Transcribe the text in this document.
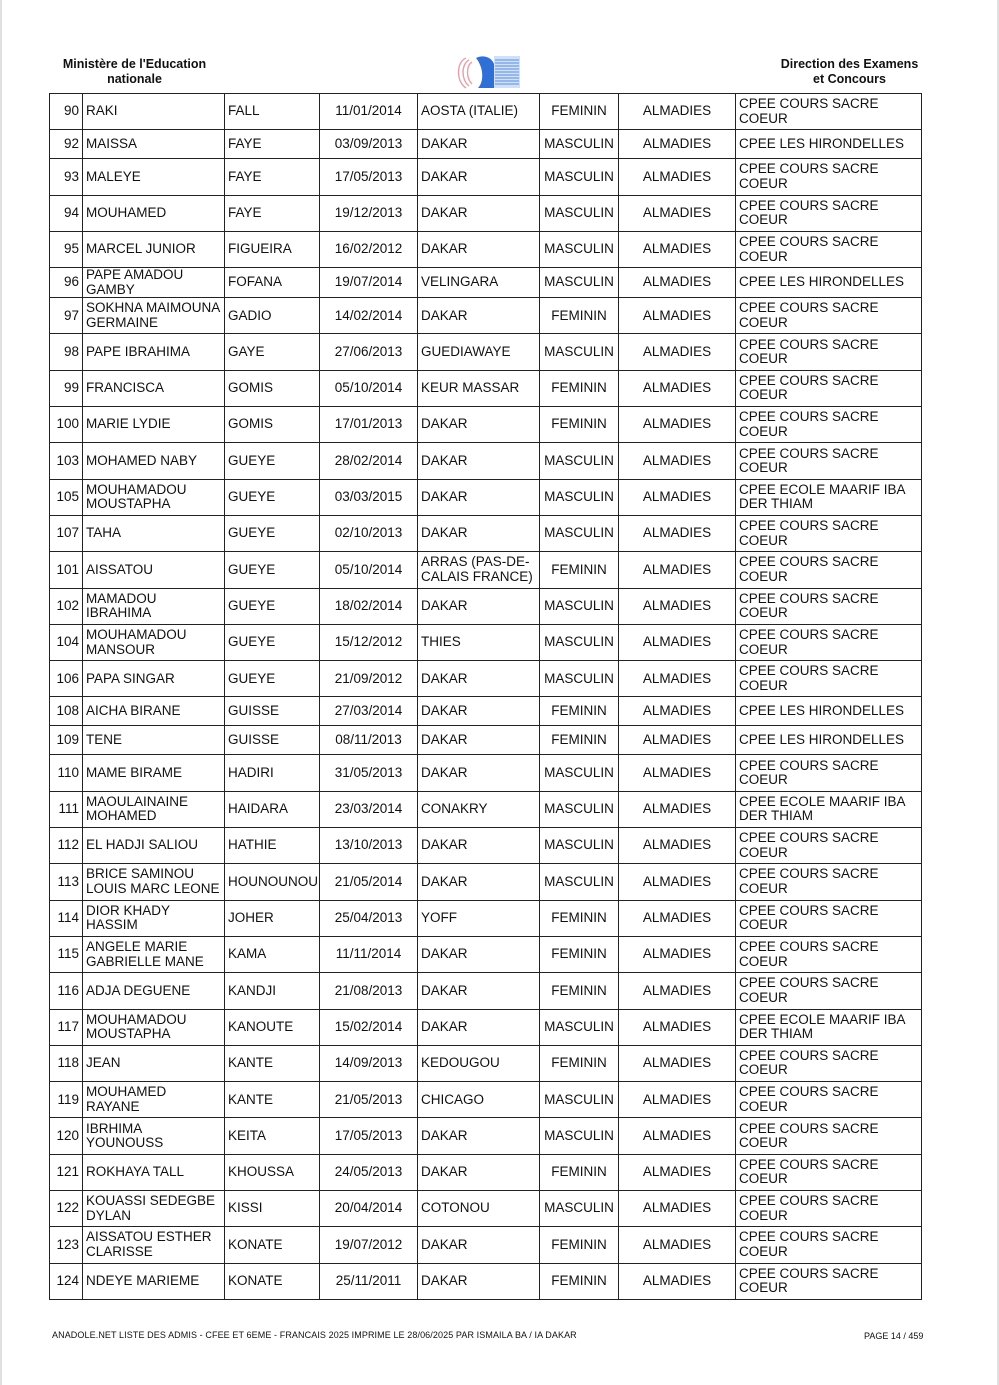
Ministère de l'Education
nationale
Direction des Examens
et Concours
90	RAKI	FALL	11/01/2014	AOSTA (ITALIE)	FEMININ	ALMADIES	CPEE COURS SACRE COEUR
92	MAISSA	FAYE	03/09/2013	DAKAR	MASCULIN	ALMADIES	CPEE LES HIRONDELLES
93	MALEYE	FAYE	17/05/2013	DAKAR	MASCULIN	ALMADIES	CPEE COURS SACRE COEUR
94	MOUHAMED	FAYE	19/12/2013	DAKAR	MASCULIN	ALMADIES	CPEE COURS SACRE COEUR
95	MARCEL JUNIOR	FIGUEIRA	16/02/2012	DAKAR	MASCULIN	ALMADIES	CPEE COURS SACRE COEUR
96	PAPE AMADOU GAMBY	FOFANA	19/07/2014	VELINGARA	MASCULIN	ALMADIES	CPEE LES HIRONDELLES
97	SOKHNA MAIMOUNA GERMAINE	GADIO	14/02/2014	DAKAR	FEMININ	ALMADIES	CPEE COURS SACRE COEUR
98	PAPE IBRAHIMA	GAYE	27/06/2013	GUEDIAWAYE	MASCULIN	ALMADIES	CPEE COURS SACRE COEUR
99	FRANCISCA	GOMIS	05/10/2014	KEUR MASSAR	FEMININ	ALMADIES	CPEE COURS SACRE COEUR
100	MARIE LYDIE	GOMIS	17/01/2013	DAKAR	FEMININ	ALMADIES	CPEE COURS SACRE COEUR
103	MOHAMED NABY	GUEYE	28/02/2014	DAKAR	MASCULIN	ALMADIES	CPEE COURS SACRE COEUR
105	MOUHAMADOU MOUSTAPHA	GUEYE	03/03/2015	DAKAR	MASCULIN	ALMADIES	CPEE ECOLE MAARIF IBA DER THIAM
107	TAHA	GUEYE	02/10/2013	DAKAR	MASCULIN	ALMADIES	CPEE COURS SACRE COEUR
101	AISSATOU	GUEYE	05/10/2014	ARRAS (PAS-DE-CALAIS FRANCE)	FEMININ	ALMADIES	CPEE COURS SACRE COEUR
102	MAMADOU IBRAHIMA	GUEYE	18/02/2014	DAKAR	MASCULIN	ALMADIES	CPEE COURS SACRE COEUR
104	MOUHAMADOU MANSOUR	GUEYE	15/12/2012	THIES	MASCULIN	ALMADIES	CPEE COURS SACRE COEUR
106	PAPA SINGAR	GUEYE	21/09/2012	DAKAR	MASCULIN	ALMADIES	CPEE COURS SACRE COEUR
108	AICHA BIRANE	GUISSE	27/03/2014	DAKAR	FEMININ	ALMADIES	CPEE LES HIRONDELLES
109	TENE	GUISSE	08/11/2013	DAKAR	FEMININ	ALMADIES	CPEE LES HIRONDELLES
110	MAME BIRAME	HADIRI	31/05/2013	DAKAR	MASCULIN	ALMADIES	CPEE COURS SACRE COEUR
111	MAOULAINAINE MOHAMED	HAIDARA	23/03/2014	CONAKRY	MASCULIN	ALMADIES	CPEE ECOLE MAARIF IBA DER THIAM
112	EL HADJI SALIOU	HATHIE	13/10/2013	DAKAR	MASCULIN	ALMADIES	CPEE COURS SACRE COEUR
113	BRICE SAMINOU LOUIS MARC LEONE	HOUNOUNOU	21/05/2014	DAKAR	MASCULIN	ALMADIES	CPEE COURS SACRE COEUR
114	DIOR KHADY HASSIM	JOHER	25/04/2013	YOFF	FEMININ	ALMADIES	CPEE COURS SACRE COEUR
115	ANGELE MARIE GABRIELLE MANE	KAMA	11/11/2014	DAKAR	FEMININ	ALMADIES	CPEE COURS SACRE COEUR
116	ADJA DEGUENE	KANDJI	21/08/2013	DAKAR	FEMININ	ALMADIES	CPEE COURS SACRE COEUR
117	MOUHAMADOU MOUSTAPHA	KANOUTE	15/02/2014	DAKAR	MASCULIN	ALMADIES	CPEE ECOLE MAARIF IBA DER THIAM
118	JEAN	KANTE	14/09/2013	KEDOUGOU	FEMININ	ALMADIES	CPEE COURS SACRE COEUR
119	MOUHAMED RAYANE	KANTE	21/05/2013	CHICAGO	MASCULIN	ALMADIES	CPEE COURS SACRE COEUR
120	IBRHIMA YOUNOUSS	KEITA	17/05/2013	DAKAR	MASCULIN	ALMADIES	CPEE COURS SACRE COEUR
121	ROKHAYA TALL	KHOUSSA	24/05/2013	DAKAR	FEMININ	ALMADIES	CPEE COURS SACRE COEUR
122	KOUASSI SEDEGBE DYLAN	KISSI	20/04/2014	COTONOU	MASCULIN	ALMADIES	CPEE COURS SACRE COEUR
123	AISSATOU ESTHER CLARISSE	KONATE	19/07/2012	DAKAR	FEMININ	ALMADIES	CPEE COURS SACRE COEUR
124	NDEYE MARIEME	KONATE	25/11/2011	DAKAR	FEMININ	ALMADIES	CPEE COURS SACRE COEUR
ANADOLE.NET LISTE DES ADMIS - CFEE ET 6EME - FRANCAIS 2025 IMPRIME LE 28/06/2025 PAR ISMAILA BA / IA DAKAR	PAGE 14 / 459
